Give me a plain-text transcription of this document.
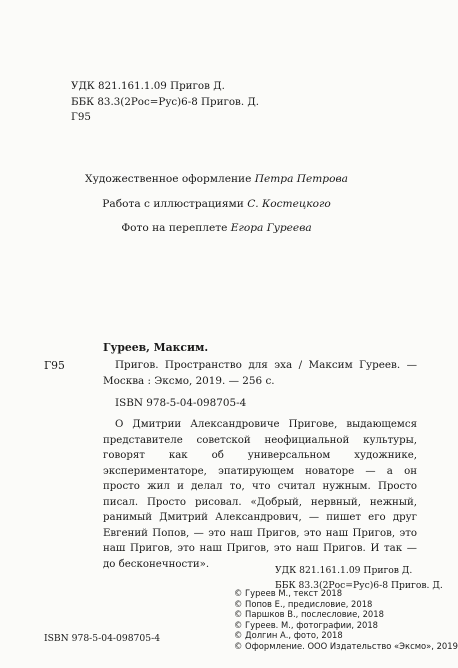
УДК 821.161.1.09 Пригов Д.
ББК 83.3(2Рос=Рус)6-8 Пригов. Д.
Г95
Художественное оформление Петра Петрова
Работа с иллюстрациями С. Костецкого
Фото на переплете Егора Гуреева
Гуреев, Максим.
Г95	Пригов. Пространство для эха / Максим Гуреев. — Москва : Эксмо, 2019. — 256 с.
ISBN 978-5-04-098705-4
О Дмитрии Александровиче Пригове, выдающемся представителе советской неофициальной культуры, говорят как об универсальном художнике, экспериментаторе, эпатирующем новаторе — а он просто жил и делал то, что считал нужным. Просто писал. Просто рисовал. «Добрый, нервный, нежный, ранимый Дмитрий Александрович, — пишет его друг Евгений Попов, — это наш Пригов, это наш Пригов, это наш Пригов, это наш Пригов, это наш Пригов. И так — до бесконечности».
УДК 821.161.1.09 Пригов Д.
ББК 83.3(2Рос=Рус)6-8 Пригов. Д.
© Гуреев М., текст 2018
© Попов Е., предисловие, 2018
© Паршков В., послесловие, 2018
© Гуреев. М., фотографии, 2018
© Долгин А., фото, 2018
© Оформление. ООО Издательство «Эксмо», 2019
ISBN 978-5-04-098705-4
